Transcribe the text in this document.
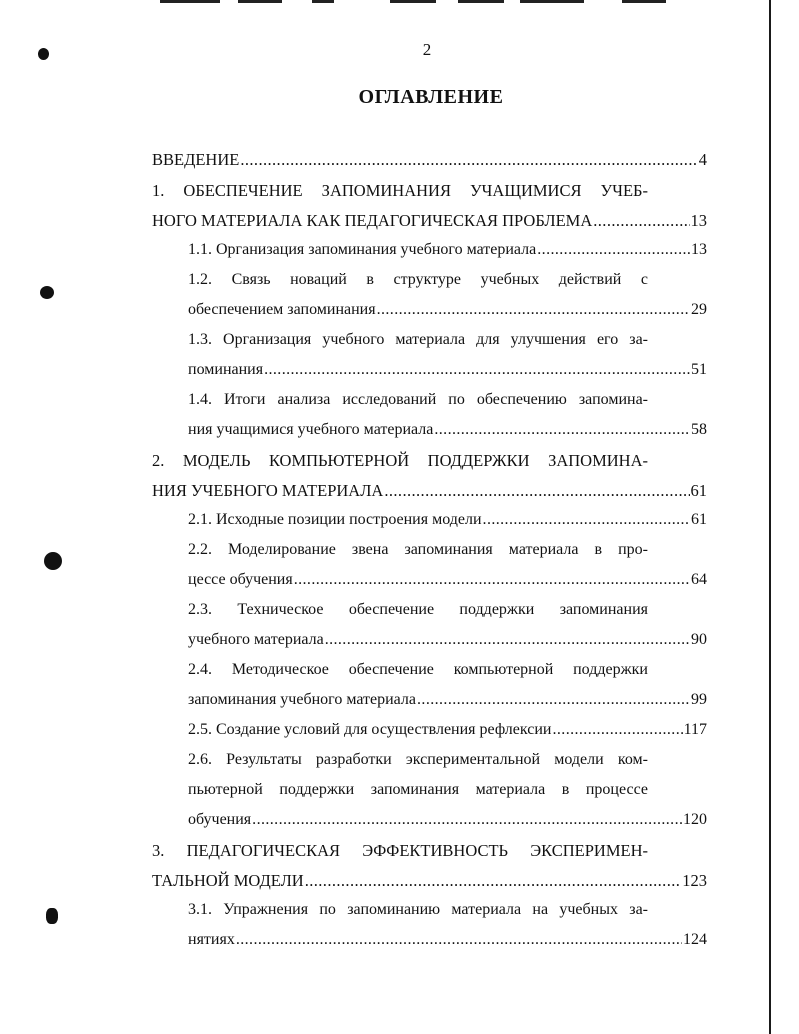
2
ОГЛАВЛЕНИЕ
ВВЕДЕНИЕ .....	4
1. ОБЕСПЕЧЕНИЕ ЗАПОМИНАНИЯ УЧАЩИМИСЯ УЧЕБ-
НОГО МАТЕРИАЛА КАК ПЕДАГОГИЧЕСКАЯ ПРОБЛЕМА .....	13
1.1. Организация запоминания учебного материала .....	13
1.2. Связь новаций в структуре учебных действий с
обеспечением запоминания .....	29
1.3. Организация учебного материала для улучшения его за-
поминания .....	51
1.4. Итоги анализа исследований по обеспечению запомина-
ния учащимися учебного материала .....	58
2. МОДЕЛЬ КОМПЬЮТЕРНОЙ ПОДДЕРЖКИ ЗАПОМИНА-
НИЯ УЧЕБНОГО МАТЕРИАЛА .....	61
2.1. Исходные позиции построения модели .....	61
2.2. Моделирование звена запоминания материала в про-
цессе обучения .....	64
2.3. Техническое обеспечение поддержки запоминания
учебного материала .....	90
2.4. Методическое обеспечение компьютерной поддержки
запоминания учебного материала .....	99
2.5. Создание условий для осуществления рефлексии .....	117
2.6. Результаты разработки экспериментальной модели ком-
пьютерной поддержки запоминания материала в процессе
обучения .....	120
3. ПЕДАГОГИЧЕСКАЯ ЭФФЕКТИВНОСТЬ ЭКСПЕРИМЕН-
ТАЛЬНОЙ МОДЕЛИ .....	123
3.1. Упражнения по запоминанию материала на учебных за-
нятиях .....	124
